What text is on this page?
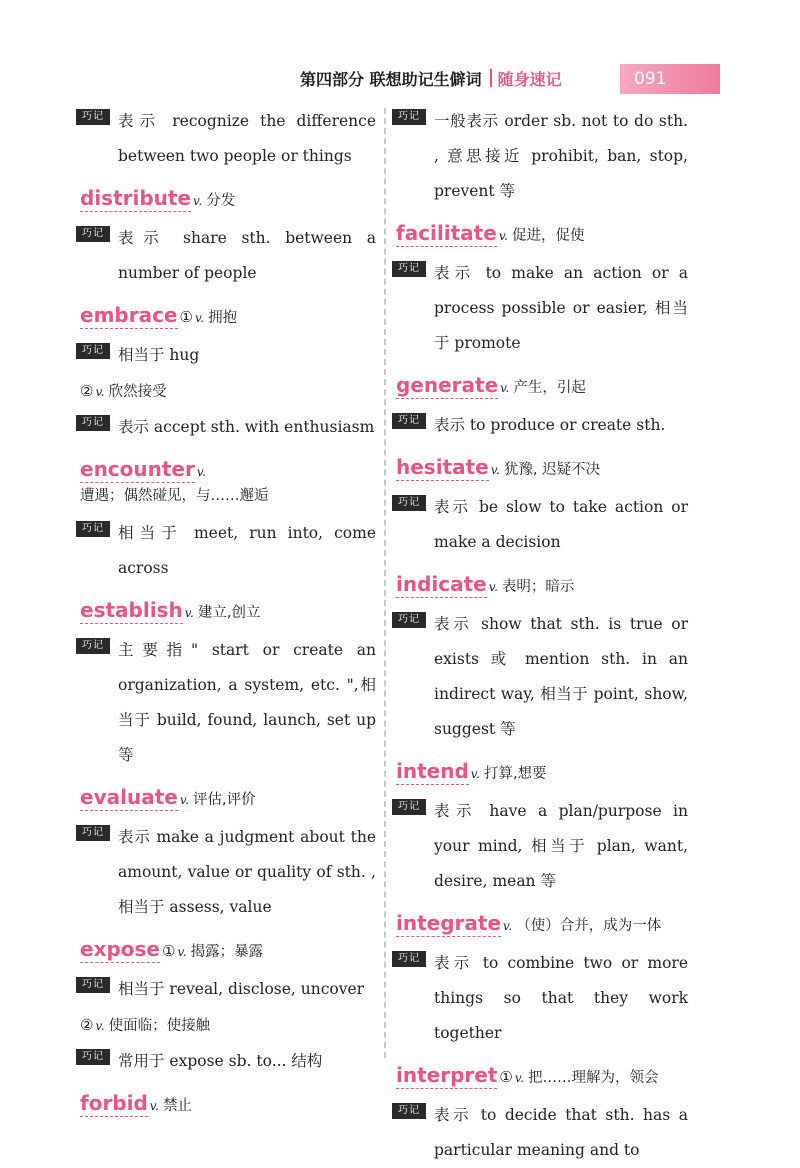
第四部分 联想助记生僻词 随身速记	091
巧记 表示 recognize the difference between two people or things
distribute v. 分发
巧记 表示 share sth. between a number of people
embrace ① v. 拥抱
巧记 相当于 hug
② v. 欣然接受
巧记 表示 accept sth. with enthusiasm
encounter v.
遭遇；偶然碰见，与……邂逅
巧记 相当于 meet, run into, come across
establish v. 建立,创立
巧记 主要指" start or create an organization, a system, etc. ",相当于 build, found, launch, set up 等
evaluate v. 评估,评价
巧记 表示 make a judgment about the amount, value or quality of sth. , 相当于 assess, value
expose ① v. 揭露；暴露
巧记 相当于 reveal, disclose, uncover
② v. 使面临；使接触
巧记 常用于 expose sb. to... 结构
forbid v. 禁止
巧记 一般表示 order sb. not to do sth. , 意思接近 prohibit, ban, stop, prevent 等
facilitate v. 促进，促使
巧记 表示 to make an action or a process possible or easier, 相当于 promote
generate v. 产生，引起
巧记 表示 to produce or create sth.
hesitate v. 犹豫, 迟疑不决
巧记 表示 be slow to take action or make a decision
indicate v. 表明；暗示
巧记 表示 show that sth. is true or exists 或 mention sth. in an indirect way, 相当于 point, show, suggest 等
intend v. 打算,想要
巧记 表示 have a plan/purpose in your mind, 相当于 plan, want, desire, mean 等
integrate v. （使）合并，成为一体
巧记 表示 to combine two or more things so that they work together
interpret ① v. 把……理解为，领会
巧记 表示 to decide that sth. has a particular meaning and to
